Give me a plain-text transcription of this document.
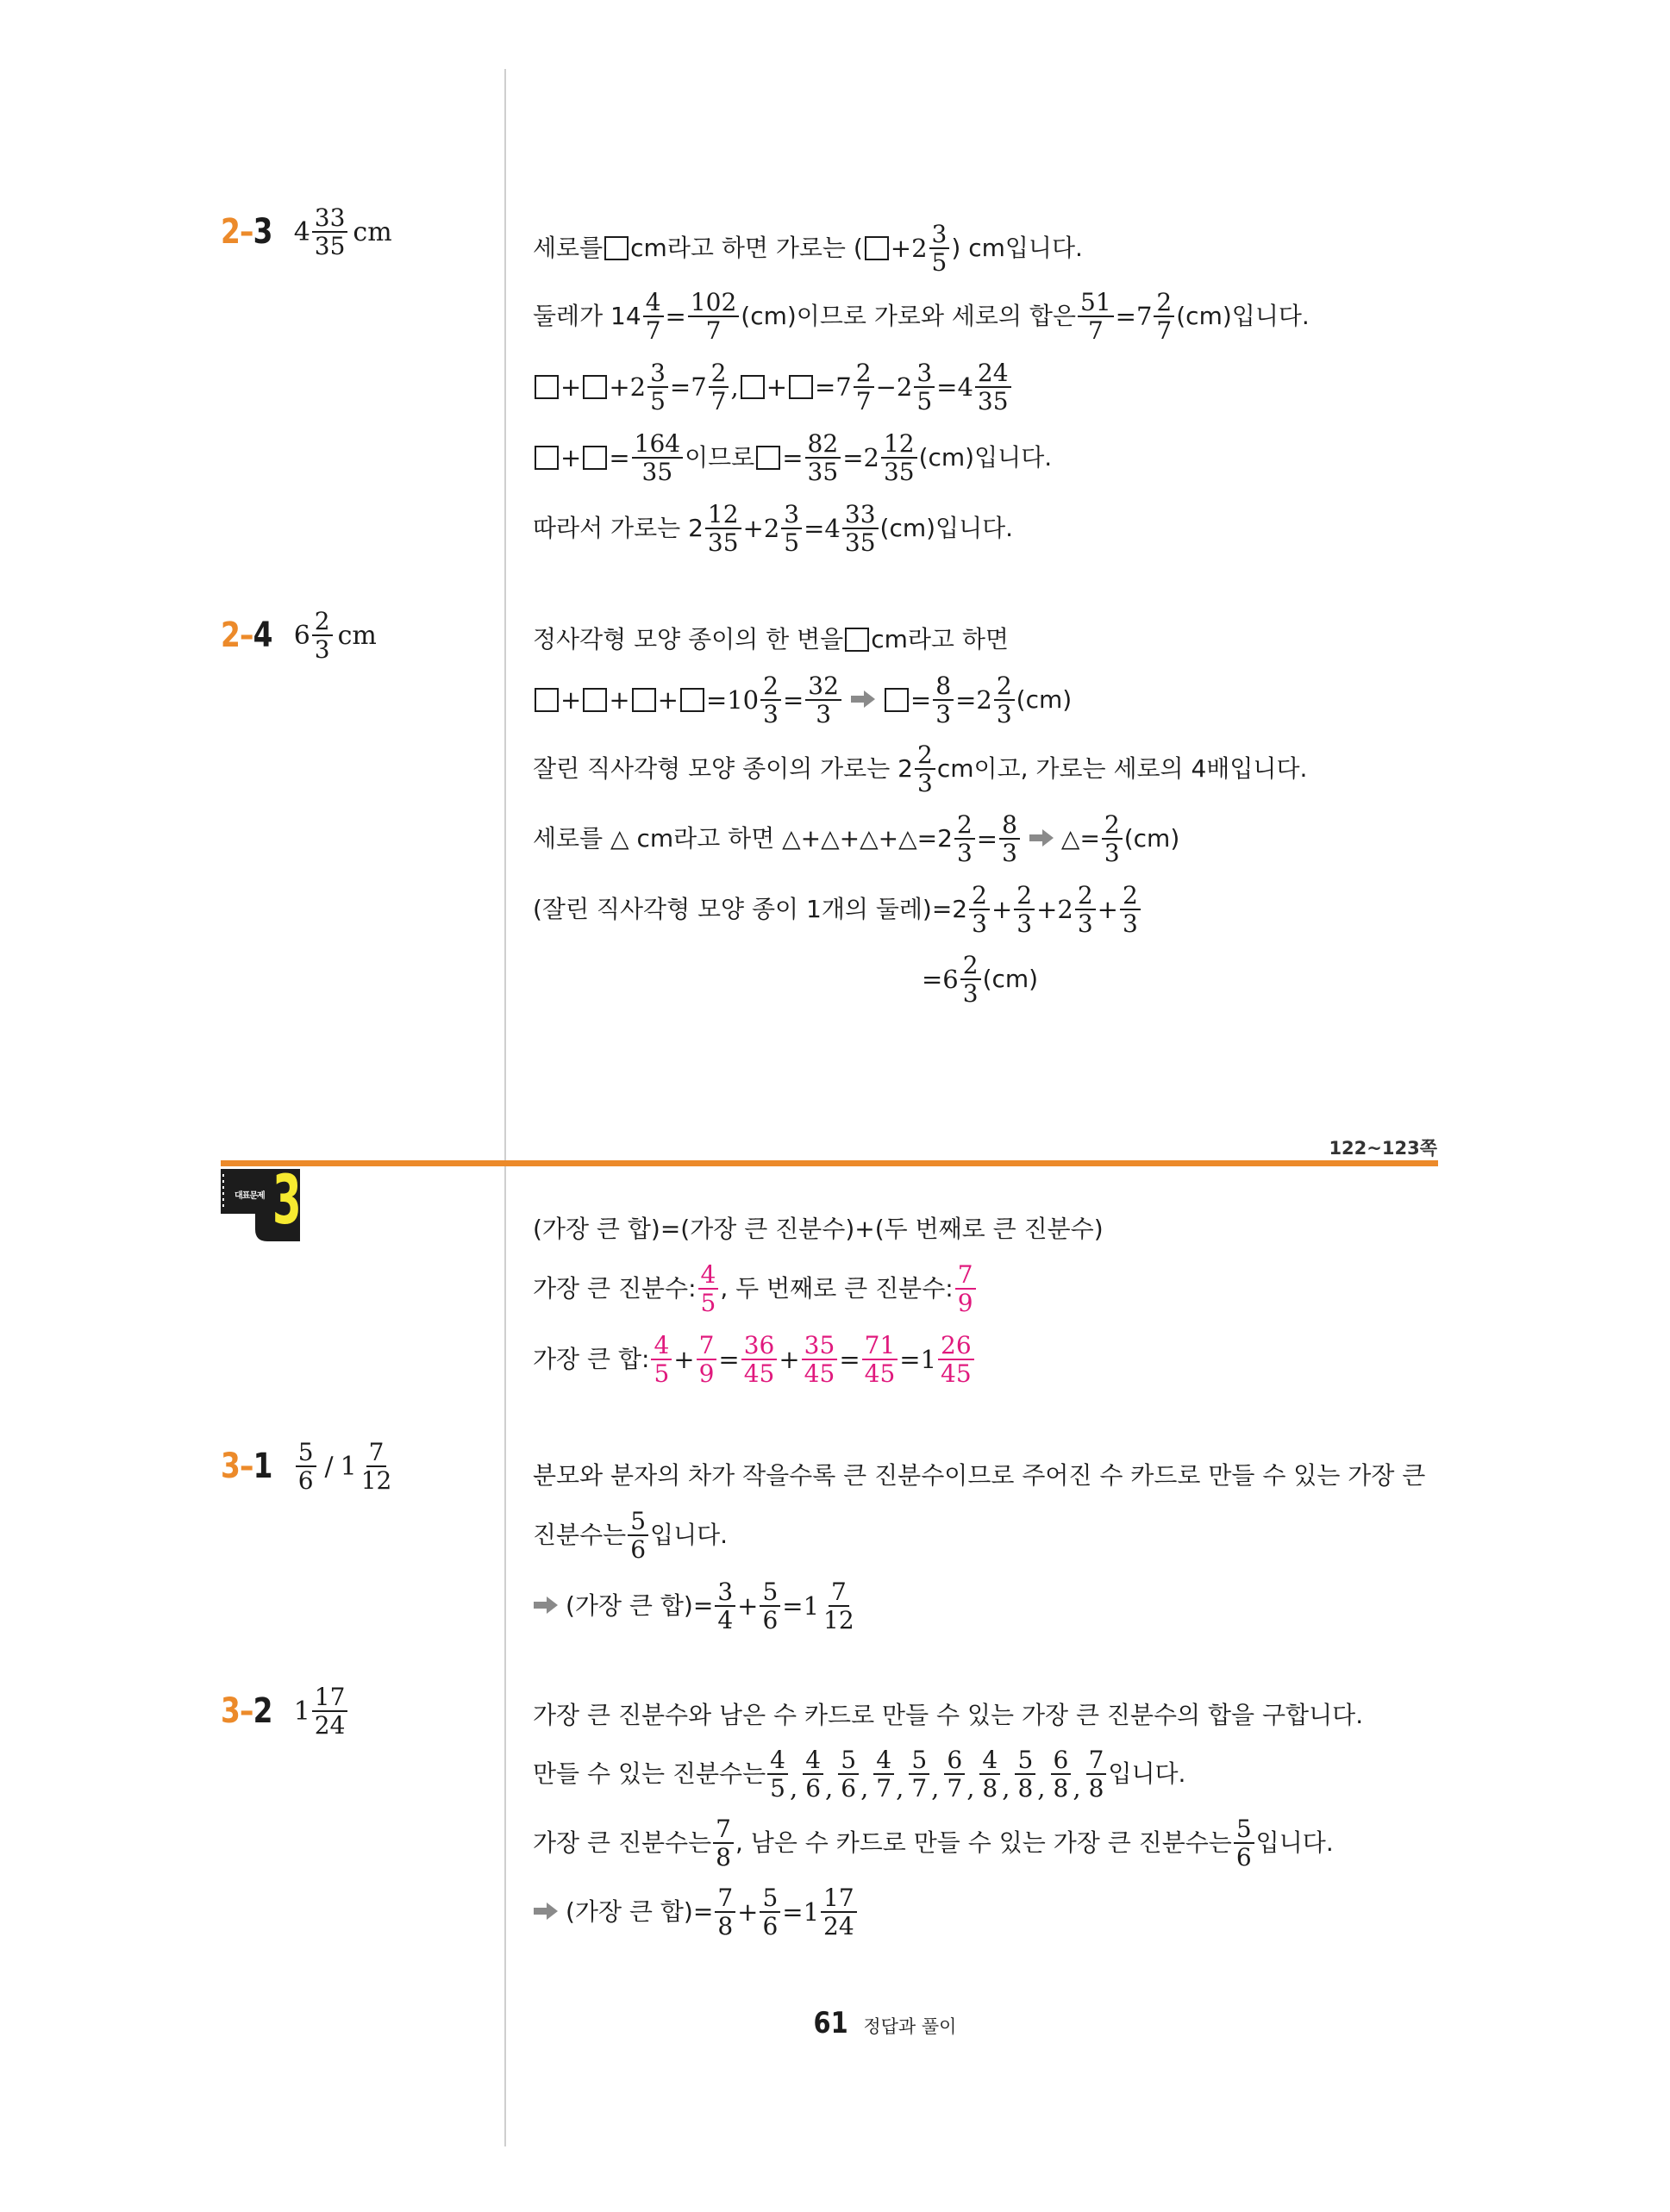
2–3 4 33
35 cm
세로를 cm라고 하면 가로는 ( +2 3
5
) cm입니다.
둘레가 $14 \frac{4}{7} = \frac{102}{7} (cm)$이므로 가로와 세로의 합은 $\frac{51}{7} =7$ 2
7
(cm)입니다.
+ $+2 \frac{3}{5} =7$ 2
7 , + =7 2
$7 -2 \frac{3}{5} =4$ 24
35
+ = $\frac{164}{35}$ 이므로 = $\frac{82}{35} =2$ 12
35
(cm)입니다.
따라서 가로는 2 12
$35 +2 \frac{3}{5} =4$ 33
35
(cm)입니다.
2–4 6 2
3 cm	정사각형 모양 종이의 한 변을 cm라고 하면
+ + + $=10 \frac{2}{3} = \frac{32}{3}$	= $\frac{8}{3} =2$ 2
3
(cm)
잘린 직사각형 모양 종이의 가로는 2 2
3
cm이고, 가로는 세로의 4배입니다.
세로를 △ cm라고 하면 △+△+△+△=2 $\frac{2}{3} = \frac{8}{3}$ △= $\frac{2}{3} (cm)$
(잘린 직사각형 모양 종이 1개의 둘레)=2 2
$3 + \frac{2}{3} +2$ 2
$3 + \frac{2}{3}$
=6 2
3
(cm)
122~123쪽
대표문제 3	(가장 큰 합)=(가장 큰 진분수)+(두 번째로 큰 진분수)
가장 큰 진분수: 4
5
, 두 번째로 큰 진분수: 7
9
가장 큰 합: 4
$5 + \frac{7}{9} = \frac{36}{45} + \frac{35}{45} = \frac{71}{45} =1$ 26
45
3–1 5
6 / 1 7
12	분모와 분자의 차가 작을수록 큰 진분수이므로 주어진 수 카드로 만들 수 있는 가장 큰
진분수는 5
6
입니다.
(가장 큰 합)= $\frac{3}{4} + \frac{5}{6} =1$ 7
12
3–2 1 17
24	가장 큰 진분수와 남은 수 카드로 만들 수 있는 가장 큰 진분수의 합을 구합니다.
만들 수 있는 진분수는 4
5 ,
4
6 ,
5
6 ,
4
7 ,
5
7 ,
6
7 ,
4
8 ,
5
8 ,
6
8 ,
7
8
입니다.
가장 큰 진분수는 7
8
, 남은 수 카드로 만들 수 있는 가장 큰 진분수는 5
6
입니다.
(가장 큰 합)= $\frac{7}{8} + \frac{5}{6} =1$ 17
24
61 정답과 풀이
